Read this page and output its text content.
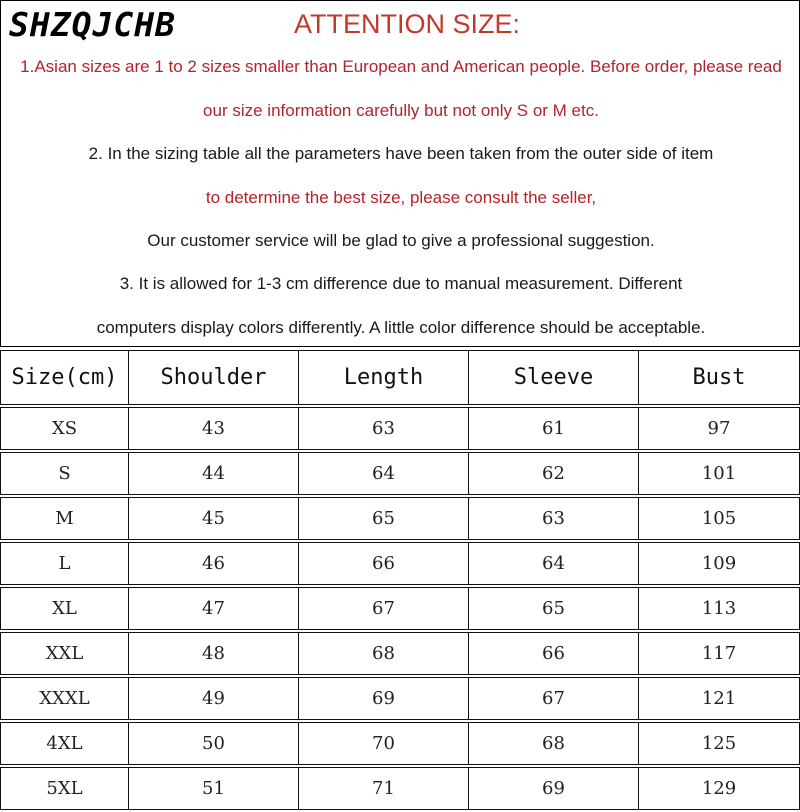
SHZQJCHB	ATTENTION SIZE:
1.Asian sizes are 1 to 2 sizes smaller than European and American people. Before order, please read
our size information carefully but not only S or M etc.
2. In the sizing table all the parameters have been taken from the outer side of item
to determine the best size, please consult the seller,
Our customer service will be glad to give a professional suggestion.
3. It is allowed for 1-3 cm difference due to manual measurement. Different
computers display colors differently. A little color difference should be acceptable.
Size(cm)	Shoulder	Length	Sleeve	Bust
XS	43	63	61	97
S	44	64	62	101
M	45	65	63	105
L	46	66	64	109
XL	47	67	65	113
XXL	48	68	66	117
XXXL	49	69	67	121
4XL	50	70	68	125
5XL	51	71	69	129
